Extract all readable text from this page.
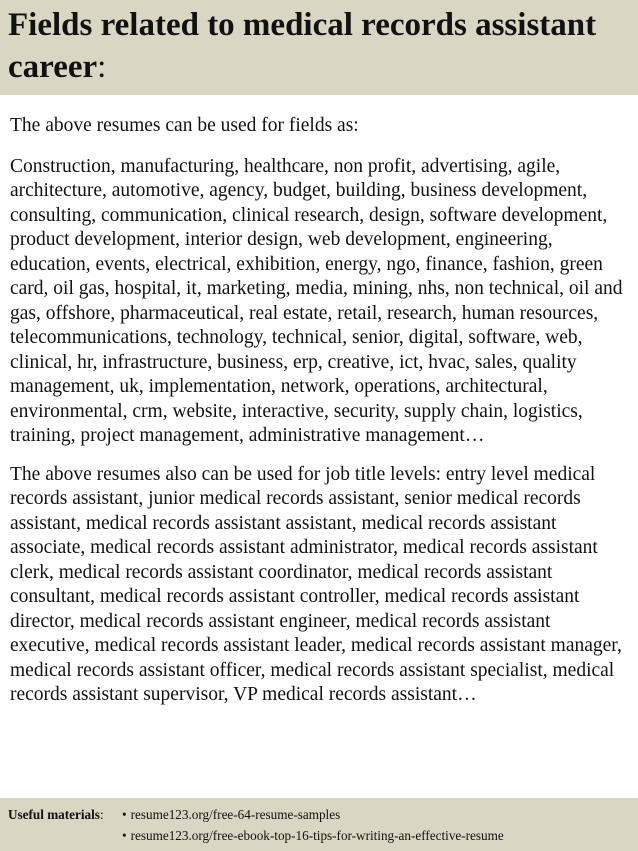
Fields related to medical records assistant career:

The above resumes can be used for fields as:

Construction, manufacturing, healthcare, non profit, advertising, agile, architecture, automotive, agency, budget, building, business development, consulting, communication, clinical research, design, software development, product development, interior design, web development, engineering, education, events, electrical, exhibition, energy, ngo, finance, fashion, green card, oil gas, hospital, it, marketing, media, mining, nhs, non technical, oil and gas, offshore, pharmaceutical, real estate, retail, research, human resources, telecommunications, technology, technical, senior, digital, software, web, clinical, hr, infrastructure, business, erp, creative, ict, hvac, sales, quality management, uk, implementation, network, operations, architectural, environmental, crm, website, interactive, security, supply chain, logistics, training, project management, administrative management…

The above resumes also can be used for job title levels: entry level medical records assistant, junior medical records assistant, senior medical records assistant, medical records assistant assistant, medical records assistant associate, medical records assistant administrator, medical records assistant clerk, medical records assistant coordinator, medical records assistant consultant, medical records assistant controller, medical records assistant director, medical records assistant engineer, medical records assistant executive, medical records assistant leader, medical records assistant manager, medical records assistant officer, medical records assistant specialist, medical records assistant supervisor, VP medical records assistant…

Useful materials:	• resume123.org/free-64-resume-samples
• resume123.org/free-ebook-top-16-tips-for-writing-an-effective-resume
